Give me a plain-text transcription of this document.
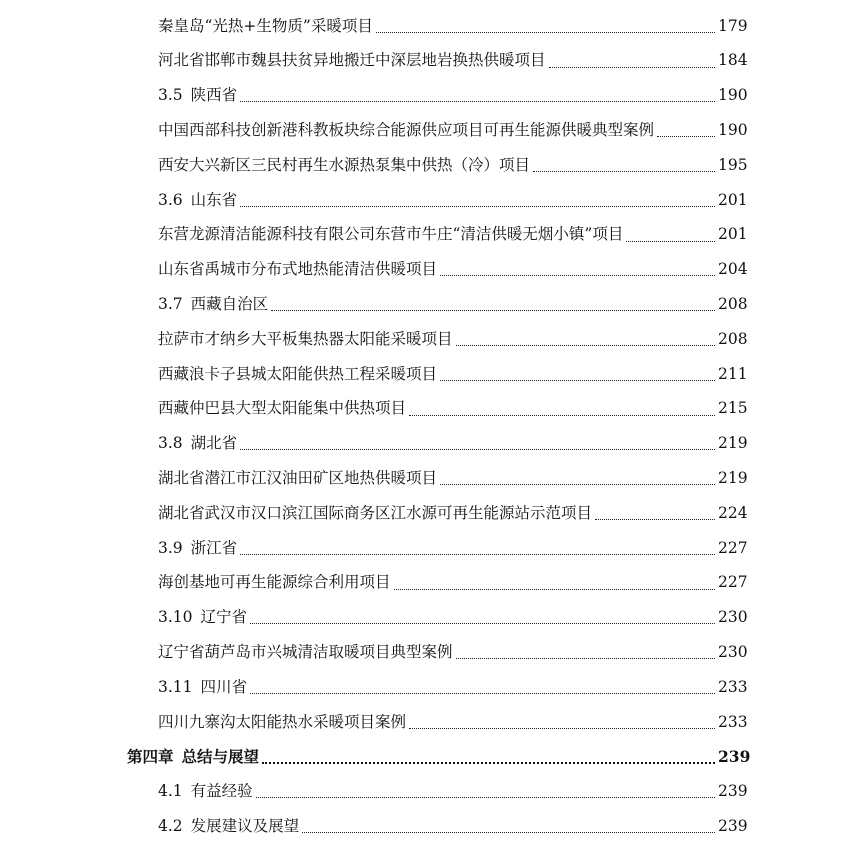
秦皇岛“光热+生物质”采暖项目	179
河北省邯郸市魏县扶贫异地搬迁中深层地岩换热供暖项目	184
3.5 陕西省	190
中国西部科技创新港科教板块综合能源供应项目可再生能源供暖典型案例	190
西安大兴新区三民村再生水源热泵集中供热（冷）项目	195
3.6 山东省	201
东营龙源清洁能源科技有限公司东营市牛庄“清洁供暖无烟小镇”项目	201
山东省禹城市分布式地热能清洁供暖项目	204
3.7 西藏自治区	208
拉萨市才纳乡大平板集热器太阳能采暖项目	208
西藏浪卡子县城太阳能供热工程采暖项目	211
西藏仲巴县大型太阳能集中供热项目	215
3.8 湖北省	219
湖北省潜江市江汉油田矿区地热供暖项目	219
湖北省武汉市汉口滨江国际商务区江水源可再生能源站示范项目	224
3.9 浙江省	227
海创基地可再生能源综合利用项目	227
3.10 辽宁省	230
辽宁省葫芦岛市兴城清洁取暖项目典型案例	230
3.11 四川省	233
四川九寨沟太阳能热水采暖项目案例	233
第四章 总结与展望	239
4.1 有益经验	239
4.2 发展建议及展望	239
